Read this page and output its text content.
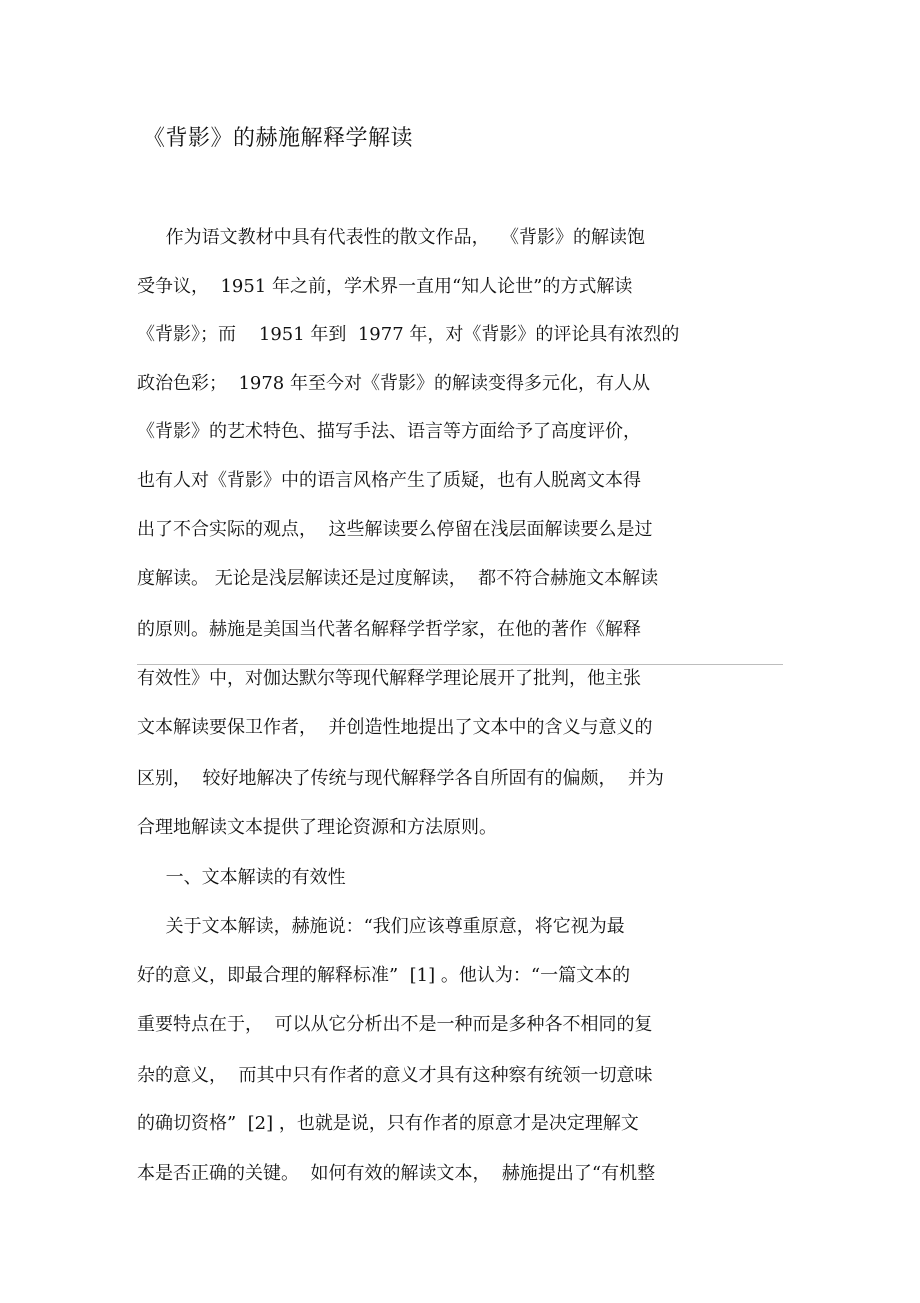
《背影》的赫施解释学解读
作为语文教材中具有代表性的散文作品，  《背影》的解读饱
受争议，  1951 年之前，学术界一直用“知人论世”的方式解读
《背影》；而    1951 年到  1977 年，对《背影》的评论具有浓烈的
政治色彩；  1978 年至今对《背影》的解读变得多元化，有人从
《背影》的艺术特色、描写手法、语言等方面给予了高度评价，
也有人对《背影》中的语言风格产生了质疑，也有人脱离文本得
出了不合实际的观点，  这些解读要么停留在浅层面解读要么是过
度解读。 无论是浅层解读还是过度解读，  都不符合赫施文本解读
的原则。赫施是美国当代著名解释学哲学家，在他的著作《解释
有效性》中，对伽达默尔等现代解释学理论展开了批判，他主张
文本解读要保卫作者，  并创造性地提出了文本中的含义与意义的
区别，  较好地解决了传统与现代解释学各自所固有的偏颇，  并为
合理地解读文本提供了理论资源和方法原则。
一、文本解读的有效性
关于文本解读，赫施说：“我们应该尊重原意，将它视为最
好的意义，即最合理的解释标准”  [1] 。他认为：“一篇文本的
重要特点在于，  可以从它分析出不是一种而是多种各不相同的复
杂的意义，  而其中只有作者的意义才具有这种察有统领一切意味
的确切资格”  [2] ，也就是说，只有作者的原意才是决定理解文
本是否正确的关键。  如何有效的解读文本，  赫施提出了“有机整
